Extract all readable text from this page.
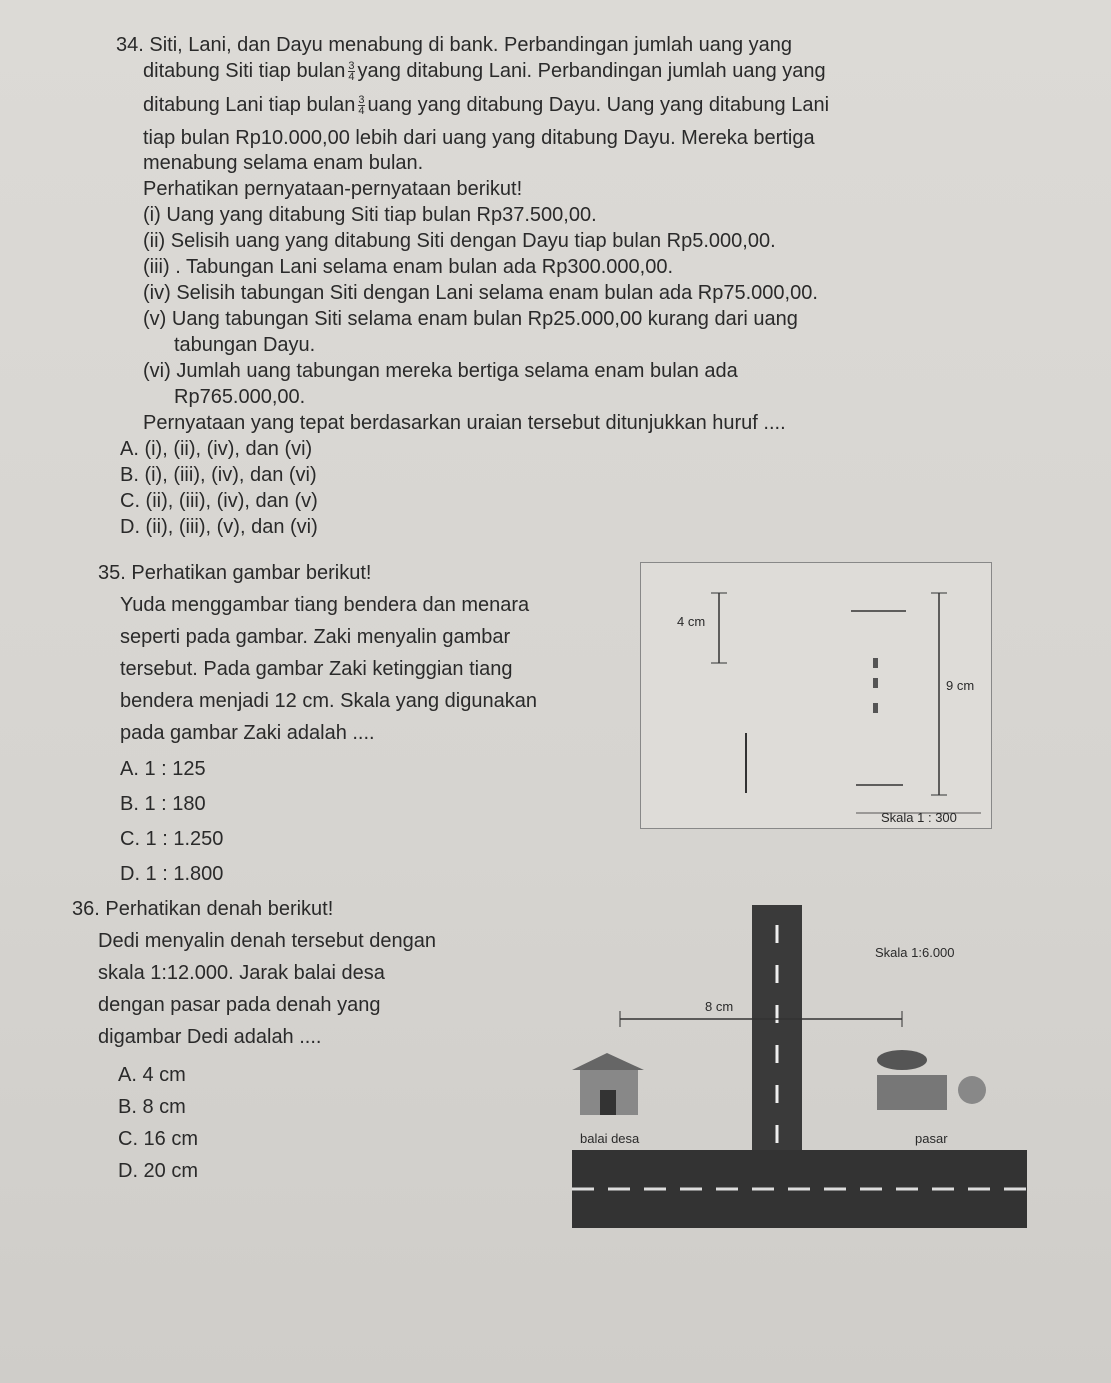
34. Siti, Lani, dan Dayu menabung di bank. Perbandingan jumlah uang yang
ditabung Siti tiap bulan $\frac{3}{4}$ yang ditabung Lani. Perbandingan jumlah uang yang
ditabung Lani tiap bulan $\frac{3}{4}$ uang yang ditabung Dayu. Uang yang ditabung Lani
tiap bulan Rp10.000,00 lebih dari uang yang ditabung Dayu. Mereka bertiga
menabung selama enam bulan.
Perhatikan pernyataan-pernyataan berikut!
(i) Uang yang ditabung Siti tiap bulan Rp37.500,00.
(ii) Selisih uang yang ditabung Siti dengan Dayu tiap bulan Rp5.000,00.
(iii) . Tabungan Lani selama enam bulan ada Rp300.000,00.
(iv) Selisih tabungan Siti dengan Lani selama enam bulan ada Rp75.000,00.
(v) Uang tabungan Siti selama enam bulan Rp25.000,00 kurang dari uang
tabungan Dayu.
(vi) Jumlah uang tabungan mereka bertiga selama enam bulan ada
Rp765.000,00.
Pernyataan yang tepat berdasarkan uraian tersebut ditunjukkan huruf ....
A. (i), (ii), (iv), dan (vi)
B. (i), (iii), (iv), dan (vi)
C. (ii), (iii), (iv), dan (v)
D. (ii), (iii), (v), dan (vi)
35. Perhatikan gambar berikut!
Yuda menggambar tiang bendera dan menara
seperti pada gambar. Zaki menyalin gambar
tersebut. Pada gambar Zaki ketinggian tiang
bendera menjadi 12 cm. Skala yang digunakan
pada gambar Zaki adalah ....
A. 1 : 125
B. 1 : 180
C. 1 : 1.250
D. 1 : 1.800
4 cm
9 cm
Skala 1 : 300
36. Perhatikan denah berikut!
Dedi menyalin denah tersebut dengan
skala 1:12.000. Jarak balai desa
dengan pasar pada denah yang
digambar Dedi adalah ....
A. 4 cm
B. 8 cm
C. 16 cm
D. 20 cm
Skala 1:6.000
8 cm
balai desa	pasar
